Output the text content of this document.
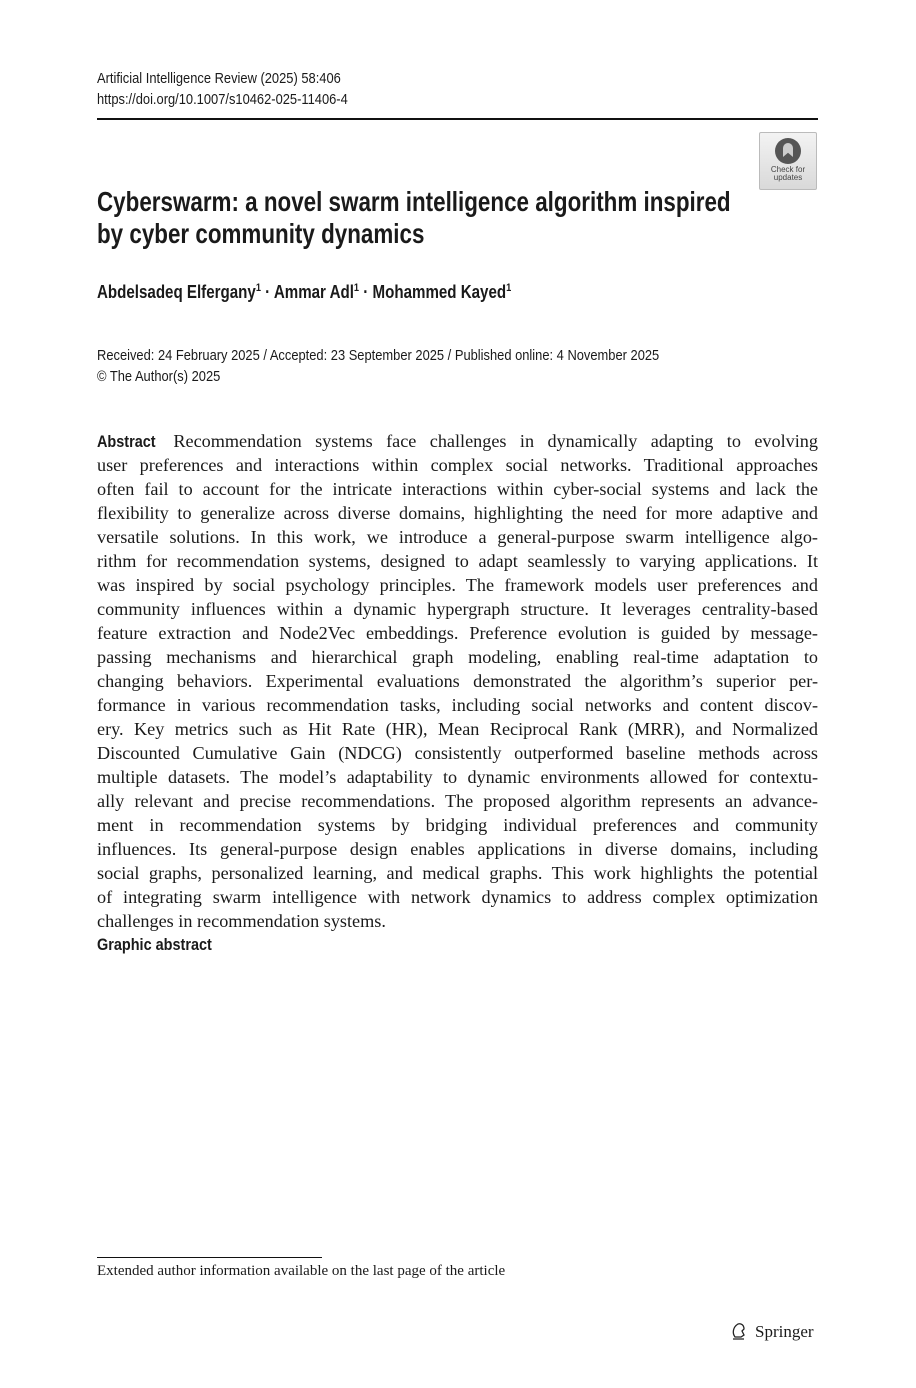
Artificial Intelligence Review (2025) 58:406
https://doi.org/10.1007/s10462-025-11406-4
Check for
updates
Cyberswarm: a novel swarm intelligence algorithm inspired
by cyber community dynamics
Abdelsadeq Elfergany$^1$ · Ammar Adl$^1$ · Mohammed Kayed$^1$
Received: 24 February 2025 / Accepted: 23 September 2025 / Published online: 4 November 2025
© The Author(s) 2025
Abstract Recommendation systems face challenges in dynamically adapting to evolving
user preferences and interactions within complex social networks. Traditional approaches
often fail to account for the intricate interactions within cyber-social systems and lack the
flexibility to generalize across diverse domains, highlighting the need for more adaptive and
versatile solutions. In this work, we introduce a general-purpose swarm intelligence algo-
rithm for recommendation systems, designed to adapt seamlessly to varying applications. It
was inspired by social psychology principles. The framework models user preferences and
community influences within a dynamic hypergraph structure. It leverages centrality-based
feature extraction and Node2Vec embeddings. Preference evolution is guided by message-
passing mechanisms and hierarchical graph modeling, enabling real-time adaptation to
changing behaviors. Experimental evaluations demonstrated the algorithm’s superior per-
formance in various recommendation tasks, including social networks and content discov-
ery. Key metrics such as Hit Rate (HR), Mean Reciprocal Rank (MRR), and Normalized
Discounted Cumulative Gain (NDCG) consistently outperformed baseline methods across
multiple datasets. The model’s adaptability to dynamic environments allowed for contextu-
ally relevant and precise recommendations. The proposed algorithm represents an advance-
ment in recommendation systems by bridging individual preferences and community
influences. Its general-purpose design enables applications in diverse domains, including
social graphs, personalized learning, and medical graphs. This work highlights the potential
of integrating swarm intelligence with network dynamics to address complex optimization
challenges in recommendation systems.
Graphic abstract
Extended author information available on the last page of the article
Springer
